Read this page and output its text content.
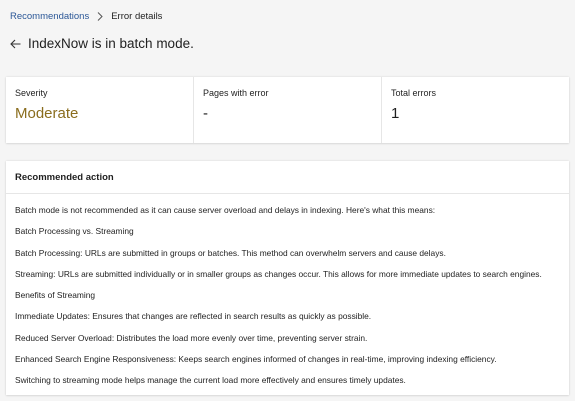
Recommendations Error details
IndexNow is in batch mode.
Severity
Moderate
Pages with error
-
Total errors
1
Recommended action

Batch mode is not recommended as it can cause server overload and delays in indexing. Here's what this means:

Batch Processing vs. Streaming

Batch Processing: URLs are submitted in groups or batches. This method can overwhelm servers and cause delays.

Streaming: URLs are submitted individually or in smaller groups as changes occur. This allows for more immediate updates to search engines.

Benefits of Streaming

Immediate Updates: Ensures that changes are reflected in search results as quickly as possible.

Reduced Server Overload: Distributes the load more evenly over time, preventing server strain.

Enhanced Search Engine Responsiveness: Keeps search engines informed of changes in real-time, improving indexing efficiency.

Switching to streaming mode helps manage the current load more effectively and ensures timely updates.
